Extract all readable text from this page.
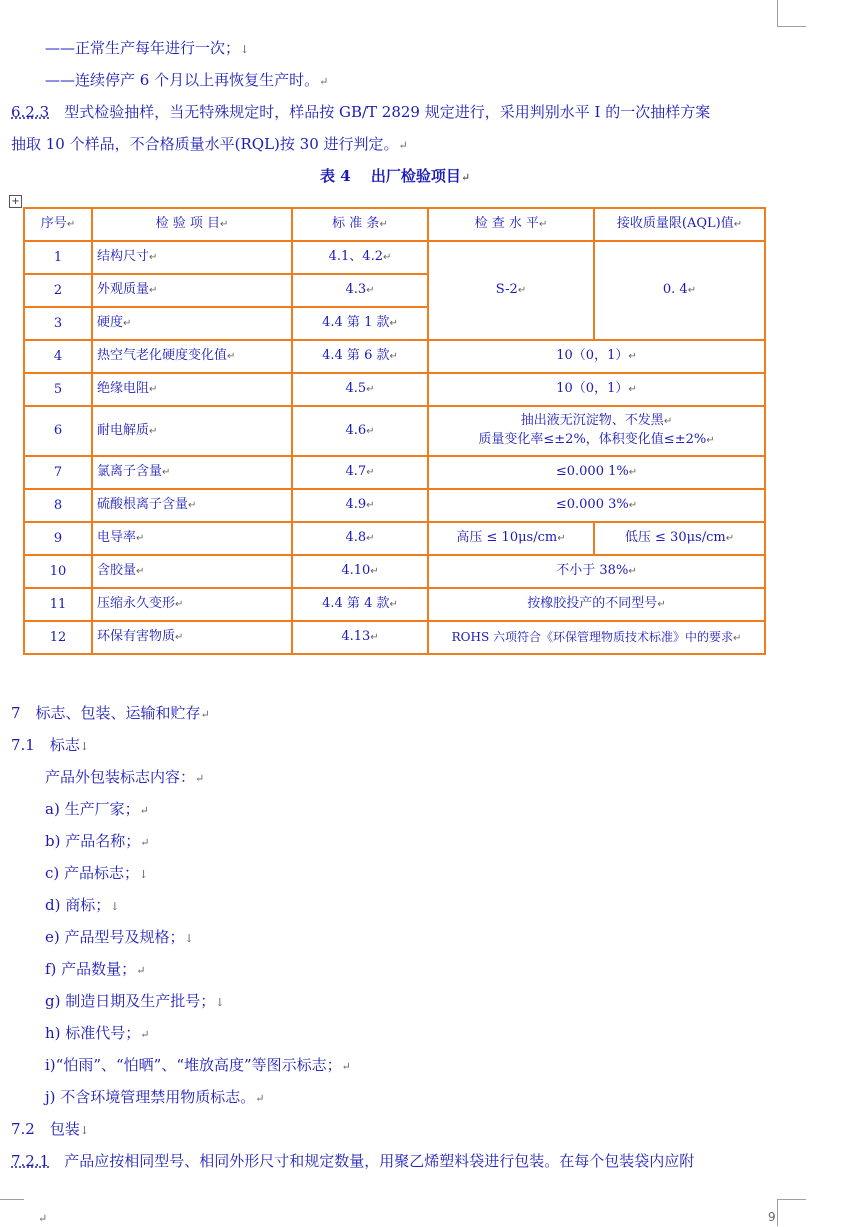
——正常生产每年进行一次；↓
——连续停产 6 个月以上再恢复生产时。↵
6.2.3　 型式检验抽样，当无特殊规定时，样品按 GB/T 2829 规定进行，采用判别水平 I 的一次抽样方案
抽取 10 个样品，不合格质量水平(RQL)按 30 进行判定。↵
表 4　 出厂检验项目↵
+
序号↵	检 验 项 目↵	标 准 条↵	检 查 水 平↵	接收质量限(AQL)值↵
1	结构尺寸↵	4.1、4.2↵	S-2↵	0. 4↵
2	外观质量↵	4.3↵		
3	硬度↵	4.4 第 1 款↵		
4	热空气老化硬度变化值↵	4.4 第 6 款↵	10（0，1）↵	
5	绝缘电阻↵	4.5↵	10（0，1）↵	
6	耐电解质↵	4.6↵	抽出液无沉淀物、不发黑↵
质量变化率≤±2%，体积变化值≤±2%↵	

7	氯离子含量↵	4.7↵	≤0.000 1%↵	
8	硫酸根离子含量↵	4.9↵	≤0.000 3%↵	
9	电导率↵	4.8↵	高压 ≤ 10μs/cm↵	低压 ≤ 30μs/cm↵
10	含胶量↵	4.10↵	不小于 38%↵	
11	压缩永久变形↵	4.4 第 4 款↵	按橡胶投产的不同型号↵	
12	环保有害物质↵	4.13↵	ROHS 六项符合《环保管理物质技术标准》中的要求↵	
7　标志、包装、运输和贮存↵
7.1　标志↓
产品外包装标志内容：↵
a) 生产厂家；↵
b) 产品名称；↵
c) 产品标志；↓
d) 商标；↓
e) 产品型号及规格；↓
f) 产品数量；↵
g) 制造日期及生产批号；↓
h) 标准代号；↵
i)“怕雨”、“怕晒”、“堆放高度”等图示标志；↵
j) 不含环境管理禁用物质标志。↵
7.2　包装↓
7.2.1　 产品应按相同型号、相同外形尺寸和规定数量，用聚乙烯塑料袋进行包装。在每个包装袋内应附
↵	9
